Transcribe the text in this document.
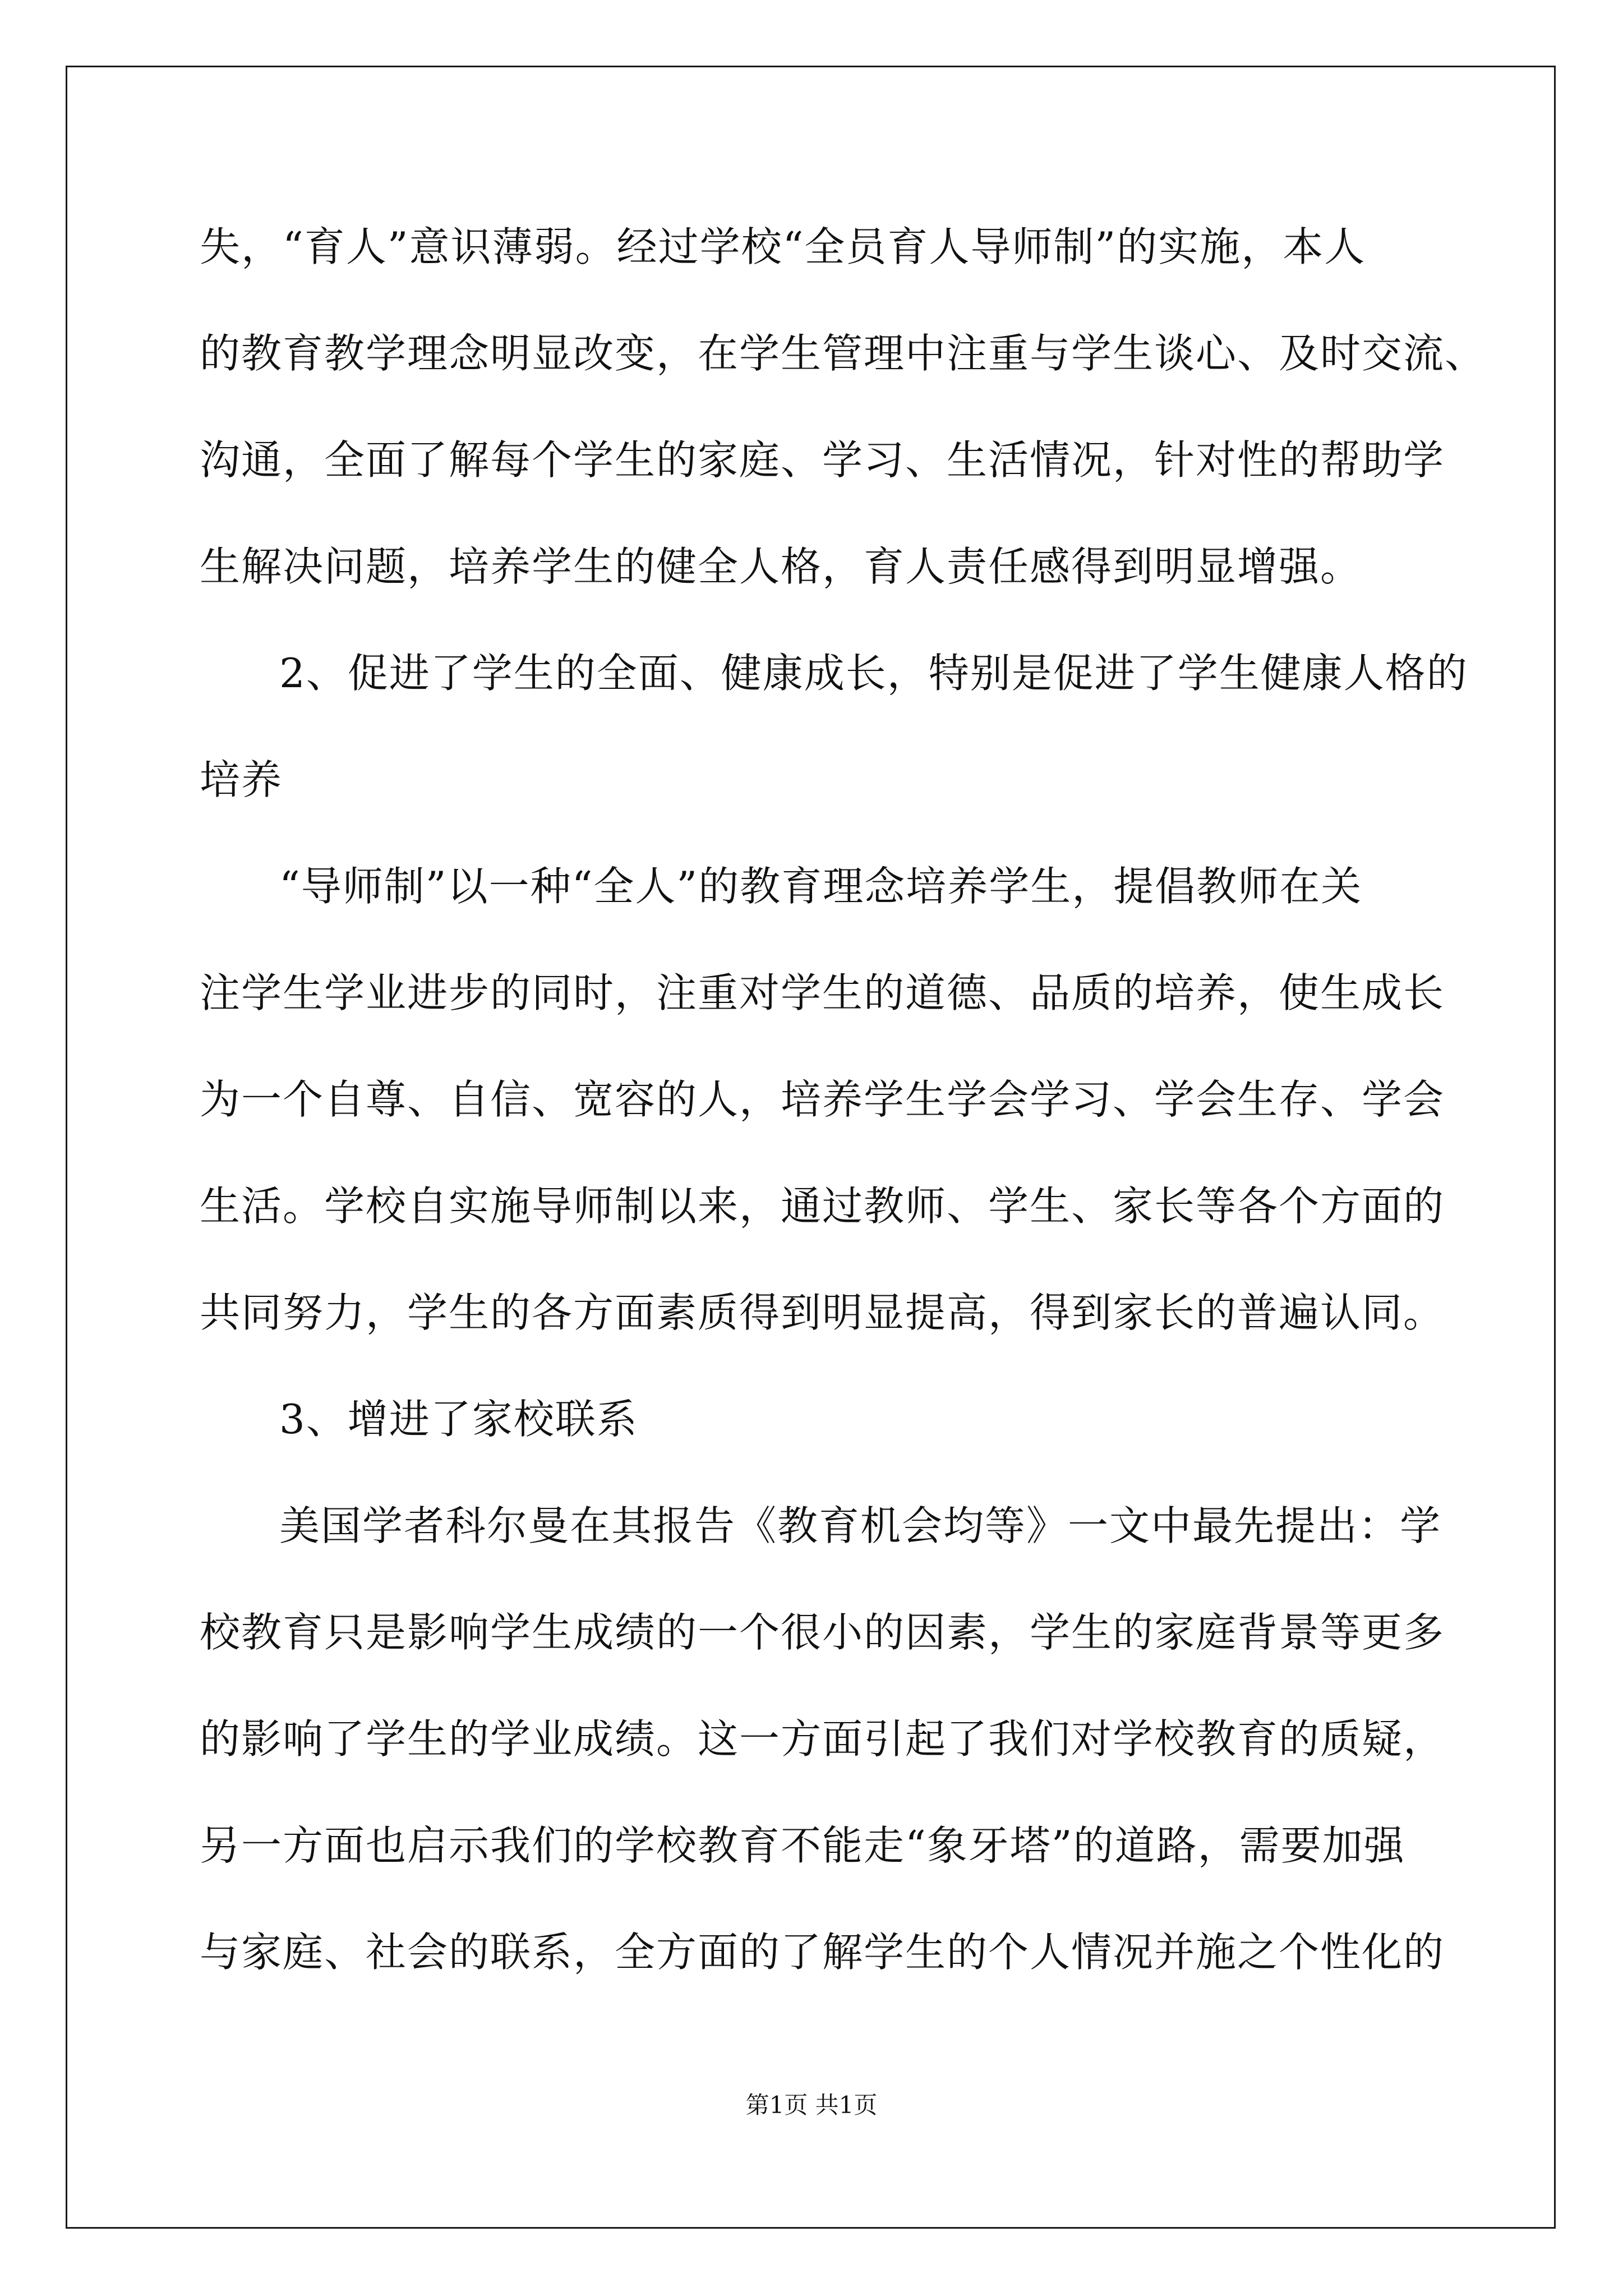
失，“育人”意识薄弱。经过学校“全员育人导师制”的实施，本人
的教育教学理念明显改变，在学生管理中注重与学生谈心、及时交流、
沟通，全面了解每个学生的家庭、学习、生活情况，针对性的帮助学
生解决问题，培养学生的健全人格，育人责任感得到明显增强。
2、促进了学生的全面、健康成长，特别是促进了学生健康人格的
培养
“导师制”以一种“全人”的教育理念培养学生，提倡教师在关
注学生学业进步的同时，注重对学生的道德、品质的培养，使生成长
为一个自尊、自信、宽容的人，培养学生学会学习、学会生存、学会
生活。学校自实施导师制以来，通过教师、学生、家长等各个方面的
共同努力，学生的各方面素质得到明显提高，得到家长的普遍认同。
3、增进了家校联系
美国学者科尔曼在其报告《教育机会均等》一文中最先提出：学
校教育只是影响学生成绩的一个很小的因素，学生的家庭背景等更多
的影响了学生的学业成绩。这一方面引起了我们对学校教育的质疑，
另一方面也启示我们的学校教育不能走“象牙塔”的道路，需要加强
与家庭、社会的联系，全方面的了解学生的个人情况并施之个性化的
第1页 共1页
